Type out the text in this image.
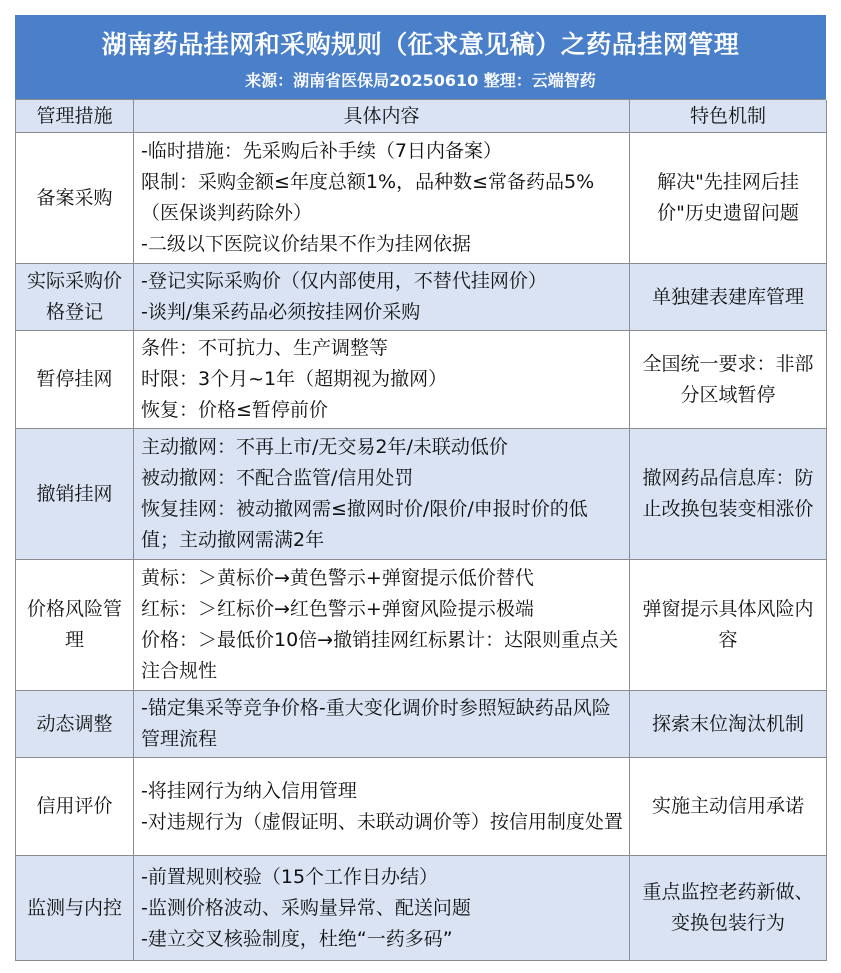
湖南药品挂网和采购规则（征求意见稿）之药品挂网管理
来源：湖南省医保局20250610 整理：云端智药
管理措施	具体内容	特色机制
备案采购
-临时措施：先采购后补手续（7日内备案）
限制：采购金额≤年度总额1%，品种数≤常备药品5%（医保谈判药除外）
-二级以下医院议价结果不作为挂网依据
解决"先挂网后挂价"历史遗留问题
实际采购价格登记
-登记实际采购价（仅内部使用，不替代挂网价）
-谈判/集采药品必须按挂网价采购
单独建表建库管理
暂停挂网
条件：不可抗力、生产调整等
时限：3个月~1年（超期视为撤网）
恢复：价格≤暂停前价
全国统一要求：非部分区域暂停
撤销挂网
主动撤网：不再上市/无交易2年/未联动低价
被动撤网：不配合监管/信用处罚
恢复挂网：被动撤网需≤撤网时价/限价/申报时价的低值；主动撤网需满2年
撤网药品信息库：防止改换包装变相涨价
价格风险管理
黄标：＞黄标价→黄色警示+弹窗提示低价替代
红标：＞红标价→红色警示+弹窗风险提示极端
价格：＞最低价10倍→撤销挂网红标累计：达限则重点关注合规性
弹窗提示具体风险内容
动态调整
-锚定集采等竞争价格-重大变化调价时参照短缺药品风险管理流程
探索末位淘汰机制
信用评价
-将挂网行为纳入信用管理
-对违规行为（虚假证明、未联动调价等）按信用制度处置
实施主动信用承诺
监测与内控
-前置规则校验（15个工作日办结）
-监测价格波动、采购量异常、配送问题
-建立交叉核验制度，杜绝“一药多码”
重点监控老药新做、变换包装行为
